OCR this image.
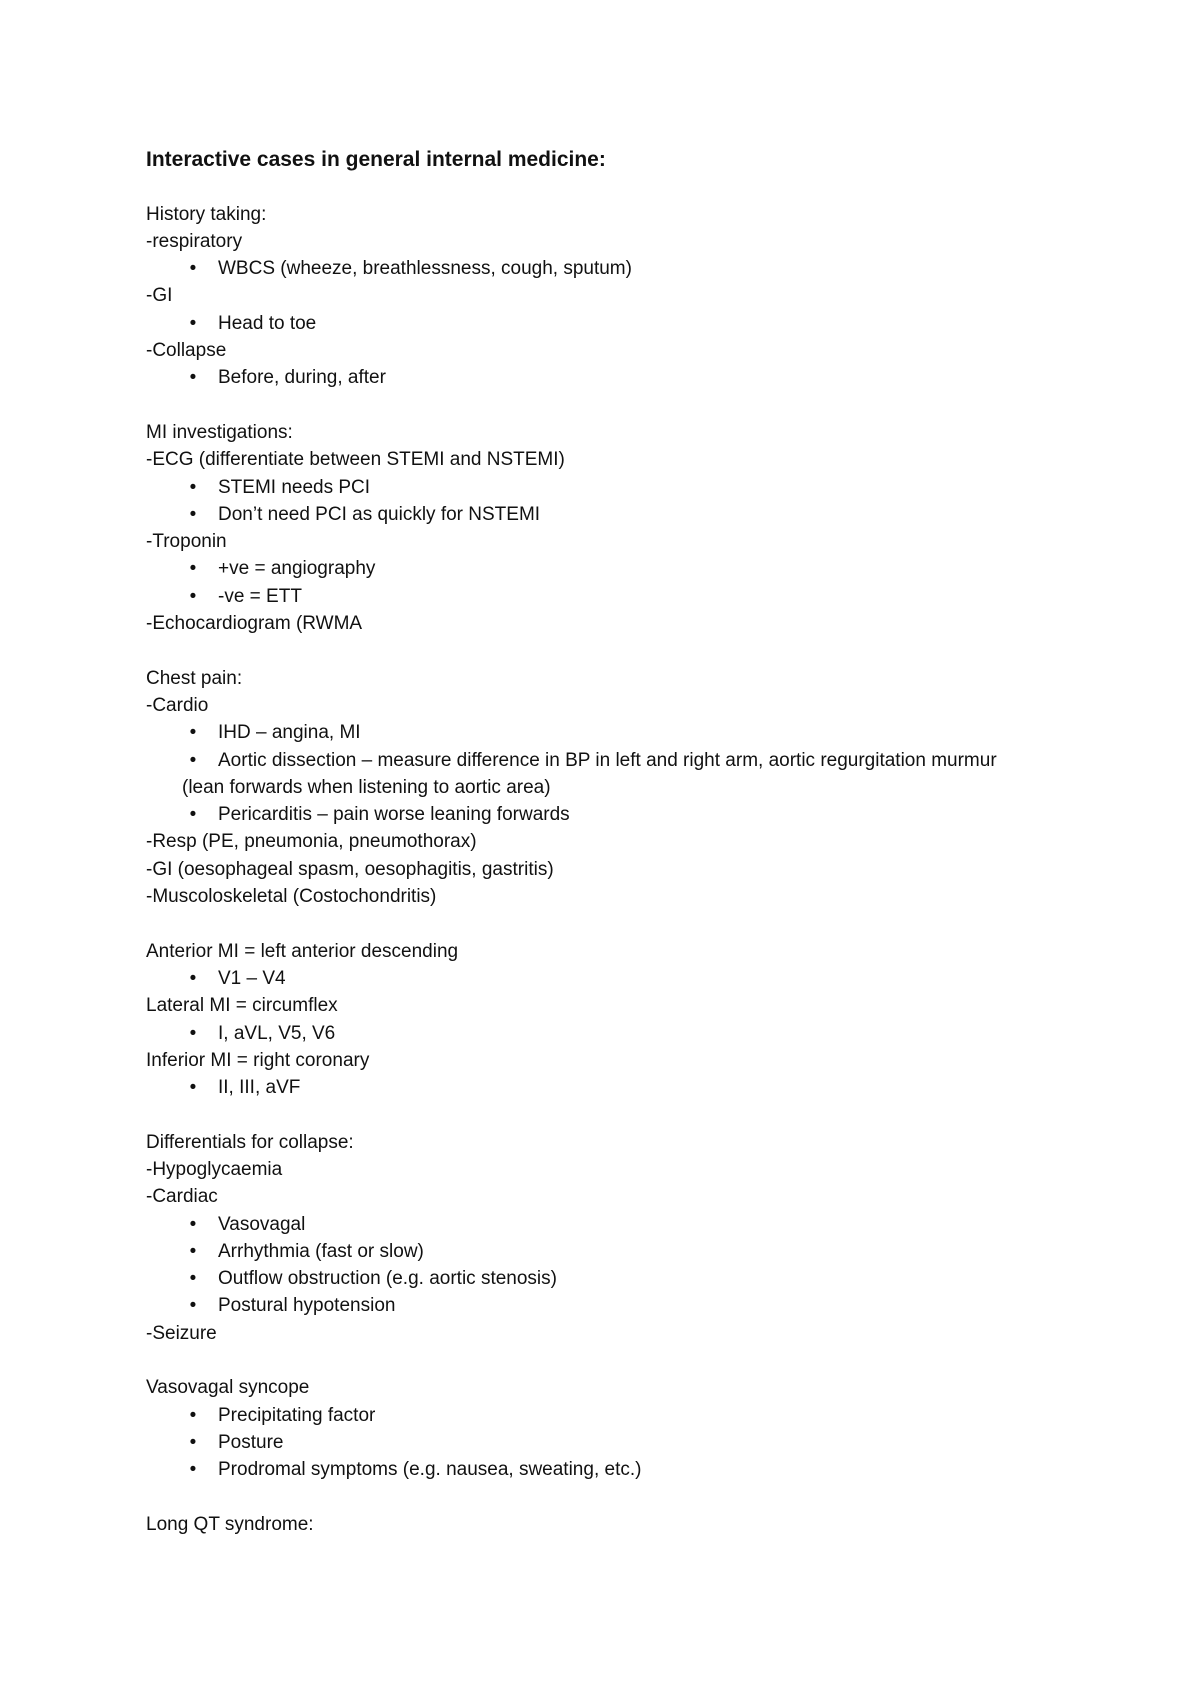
Interactive cases in general internal medicine:

History taking:

-respiratory

• WBCS (wheeze, breathlessness, cough, sputum)

-GI

• Head to toe

-Collapse

• Before, during, after

MI investigations:

-ECG (differentiate between STEMI and NSTEMI)

• STEMI needs PCI

• Don’t need PCI as quickly for NSTEMI

-Troponin

• +ve = angiography

• -ve = ETT

-Echocardiogram (RWMA

Chest pain:

-Cardio

• IHD – angina, MI

•	Aortic dissection – measure difference in BP in left and right arm, aortic regurgitation murmur (lean forwards when listening to aortic area)

• Pericarditis – pain worse leaning forwards

-Resp (PE, pneumonia, pneumothorax)

-GI (oesophageal spasm, oesophagitis, gastritis)

-Muscoloskeletal (Costochondritis)

Anterior MI = left anterior descending

• V1 – V4

Lateral MI = circumflex

• I, aVL, V5, V6

Inferior MI = right coronary

• II, III, aVF

Differentials for collapse:

-Hypoglycaemia

-Cardiac

• Vasovagal

• Arrhythmia (fast or slow)

• Outflow obstruction (e.g. aortic stenosis)

• Postural hypotension

-Seizure

Vasovagal syncope

• Precipitating factor

• Posture

• Prodromal symptoms (e.g. nausea, sweating, etc.)

Long QT syndrome:
